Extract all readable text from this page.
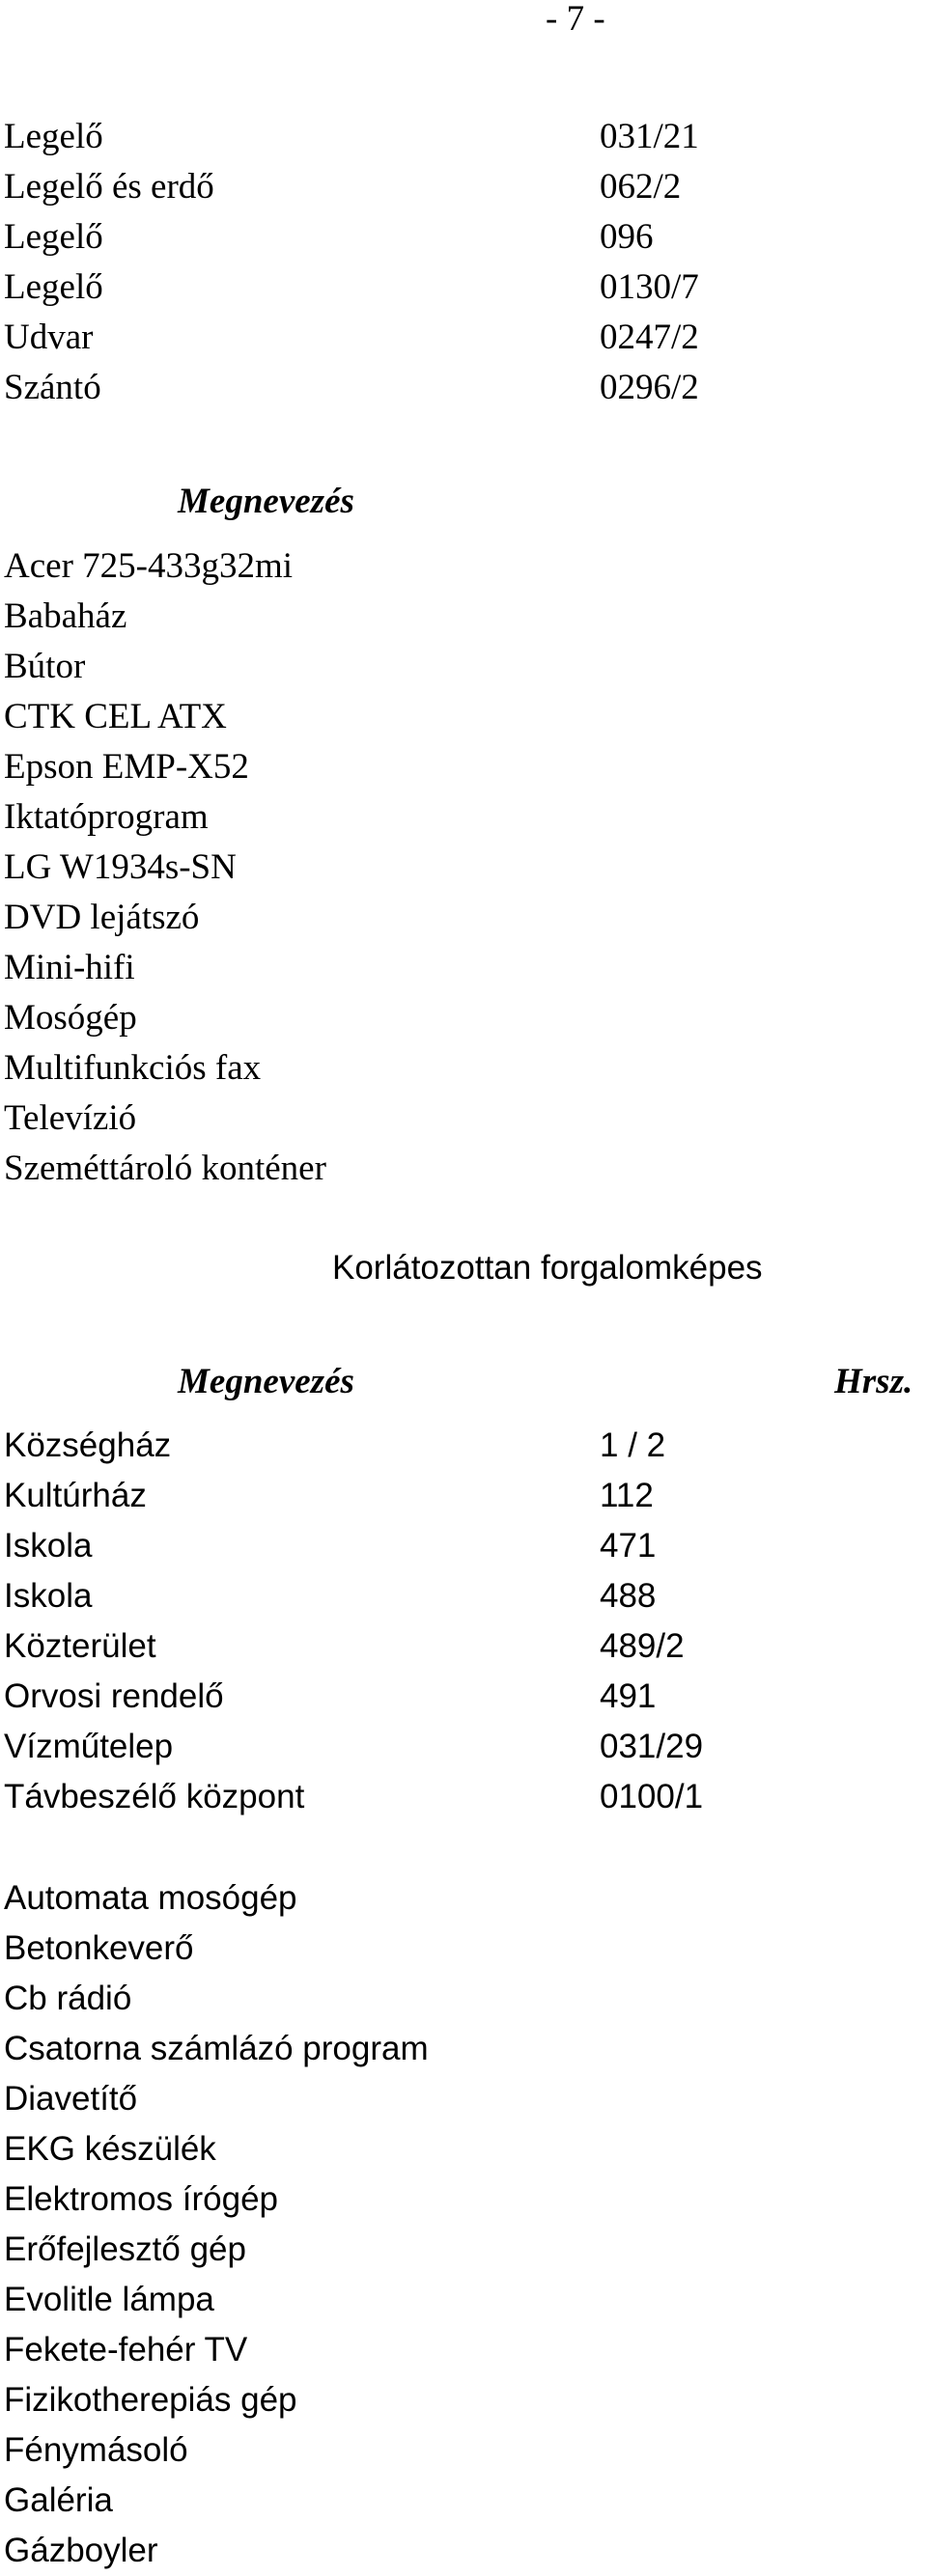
- 7 -
Legelő	031/21
Legelő és erdő	062/2
Legelő	096
Legelő	0130/7
Udvar	0247/2
Szántó	0296/2
Megnevezés
Acer 725-433g32mi
Babaház
Bútor
CTK CEL ATX
Epson EMP-X52
Iktatóprogram
LG W1934s-SN
DVD lejátszó
Mini-hifi
Mosógép
Multifunkciós fax
Televízió
Szeméttároló konténer
Korlátozottan forgalomképes
Megnevezés	Hrsz.
Községház	1 / 2
Kultúrház	112
Iskola	471
Iskola	488
Közterület	489/2
Orvosi rendelő	491
Vízműtelep	031/29
Távbeszélő központ	0100/1
Automata mosógép
Betonkeverő
Cb rádió
Csatorna számlázó program
Diavetítő
EKG készülék
Elektromos írógép
Erőfejlesztő gép
Evolitle lámpa
Fekete-fehér TV
Fizikotherepiás gép
Fénymásoló
Galéria
Gázboyler
